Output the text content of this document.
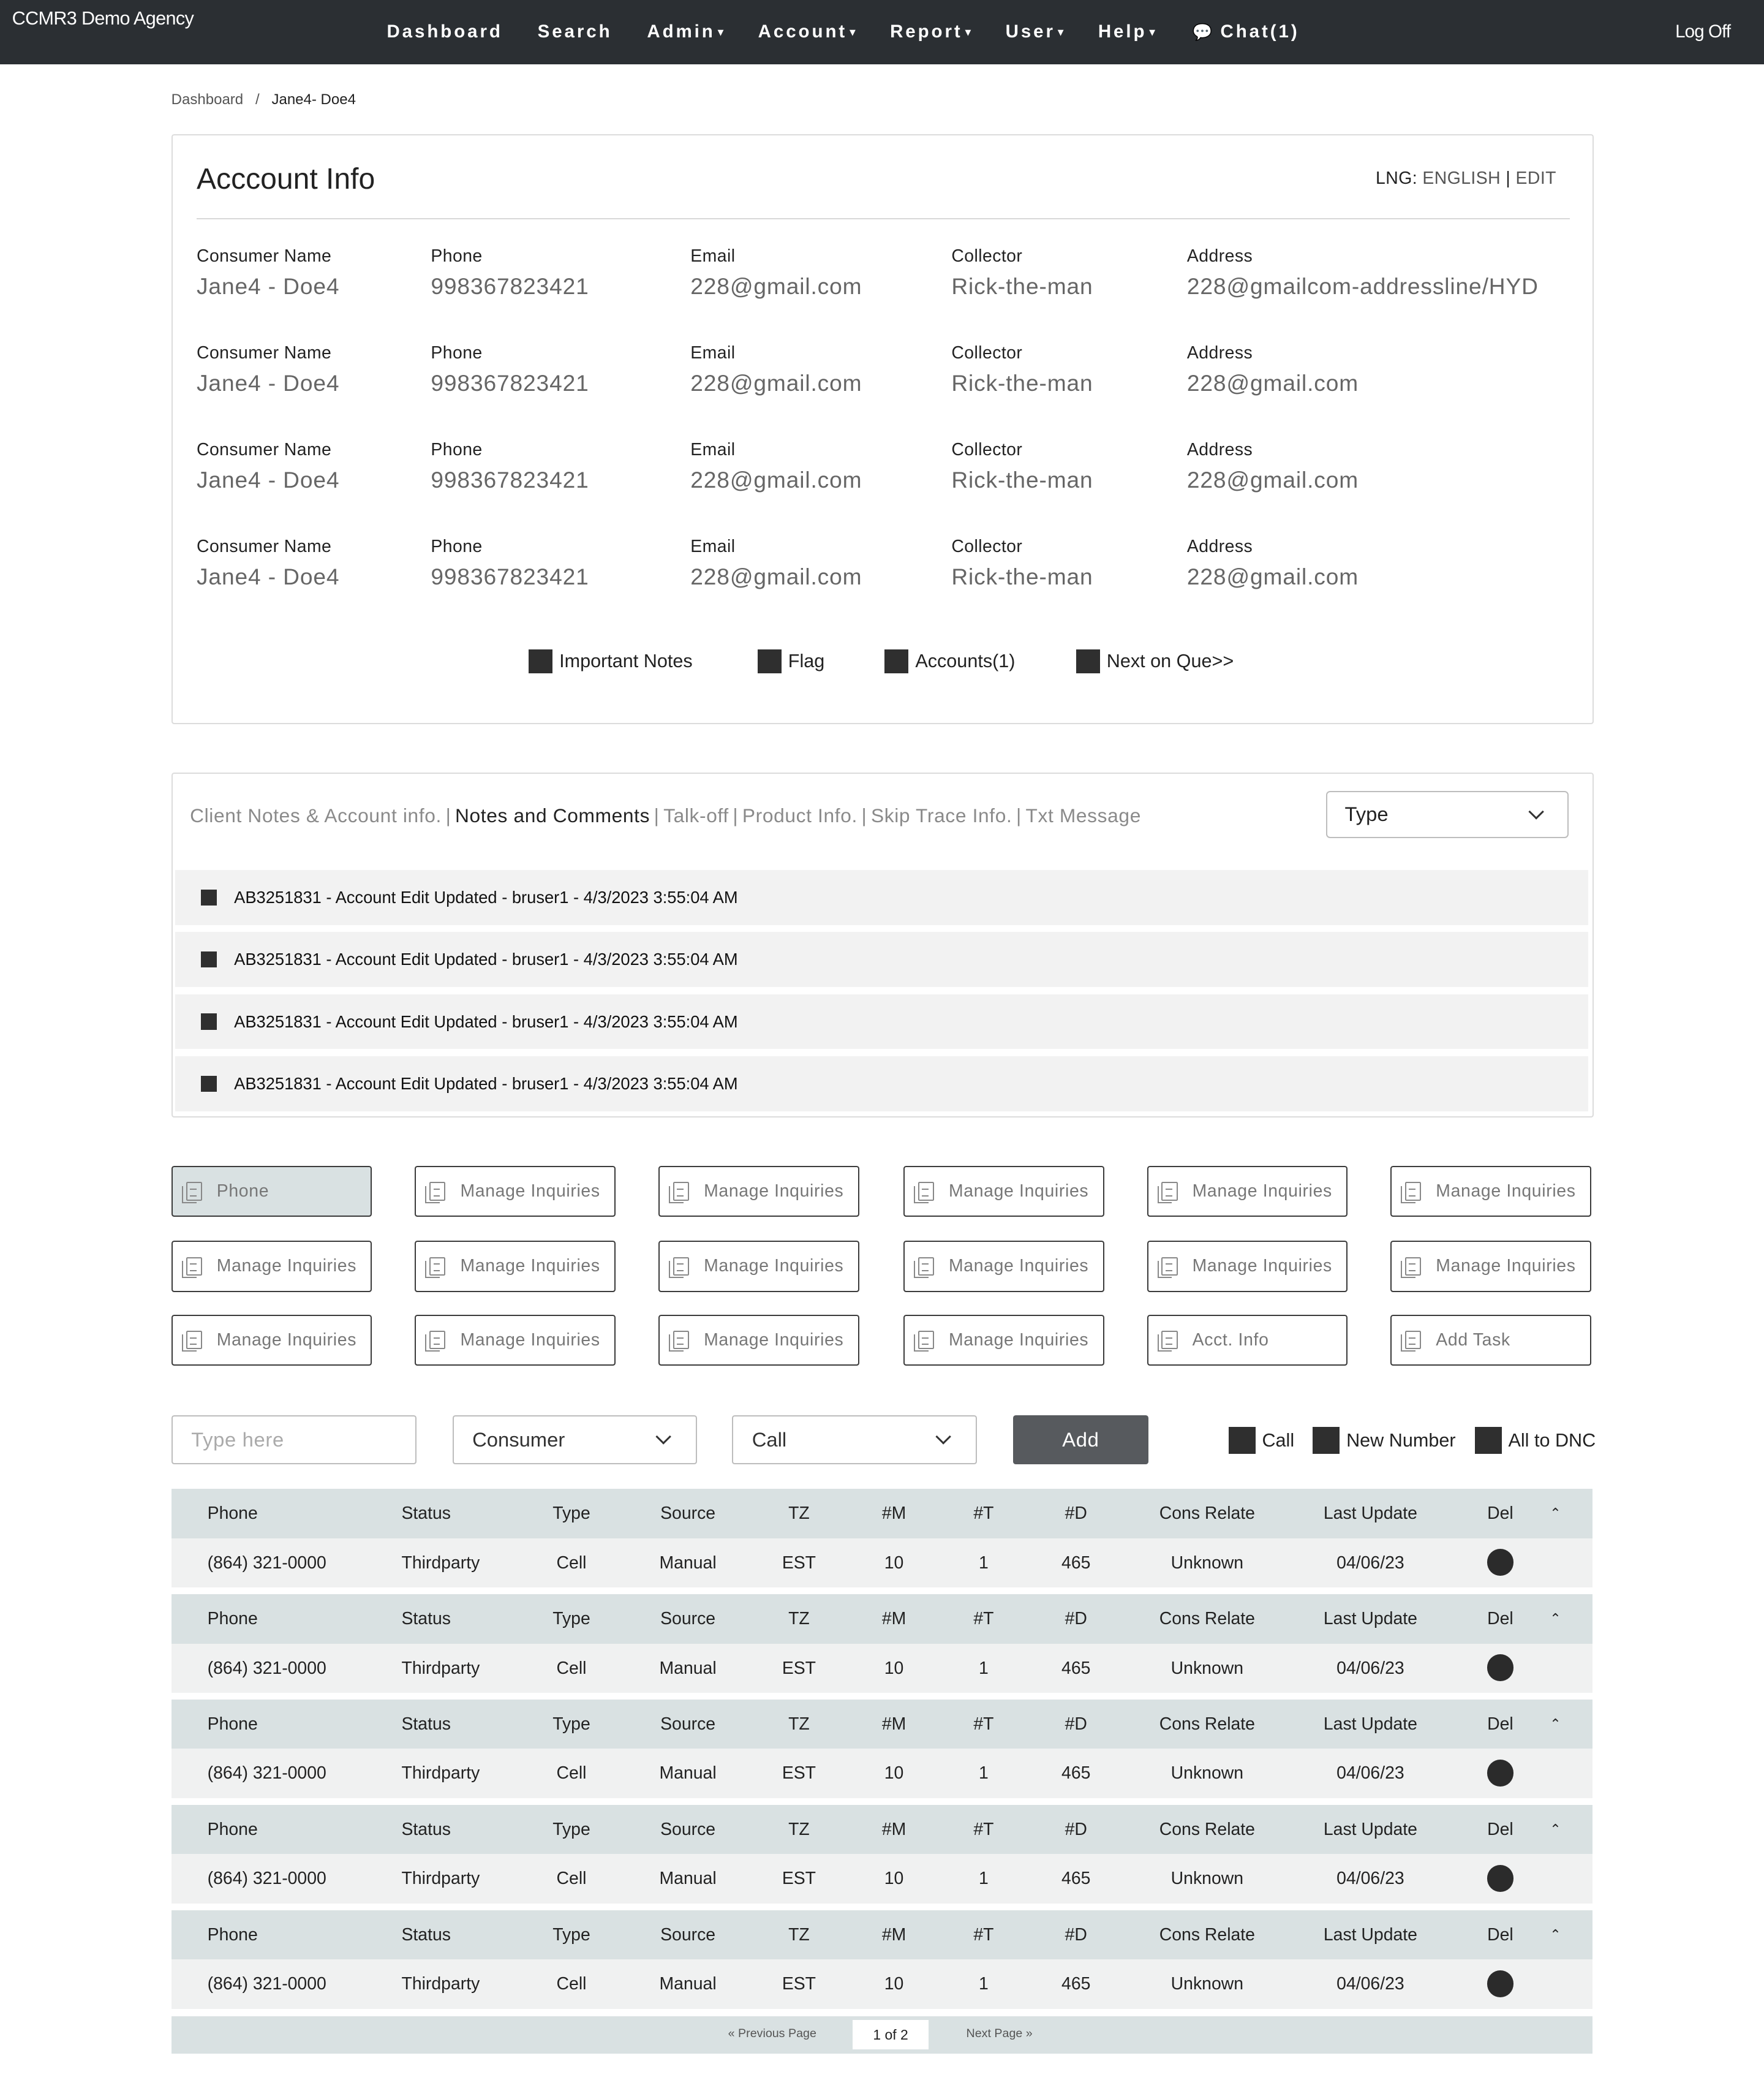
CCMR3 Demo Agency
Dashboard	Search	Admin ▾	Account ▾	Report ▾	User ▾	Help ▾	💬 Chat(1)	Log Off
Dashboard / Jane4- Doe4
Acccount Info	LNG: ENGLISH | EDIT
Consumer Name
Jane4 - Doe4
Phone
998367823421
Email
228@gmail.com
Collector
Rick-the-man
Address
228@gmailcom-addressline/HYD
Consumer Name
Jane4 - Doe4
Phone
998367823421
Email
228@gmail.com
Collector
Rick-the-man
Address
228@gmail.com
Consumer Name
Jane4 - Doe4
Phone
998367823421
Email
228@gmail.com
Collector
Rick-the-man
Address
228@gmail.com
Consumer Name
Jane4 - Doe4
Phone
998367823421
Email
228@gmail.com
Collector
Rick-the-man
Address
228@gmail.com
Important Notes	Flag	Accounts(1)	Next on Que>>
Client Notes & Account info. | Notes and Comments | Talk-off | Product Info. | Skip Trace Info. | Txt Message	Type
AB3251831 - Account Edit Updated - bruser1 - 4/3/2023 3:55:04 AM
AB3251831 - Account Edit Updated - bruser1 - 4/3/2023 3:55:04 AM
AB3251831 - Account Edit Updated - bruser1 - 4/3/2023 3:55:04 AM
AB3251831 - Account Edit Updated - bruser1 - 4/3/2023 3:55:04 AM
Phone	Manage Inquiries	Manage Inquiries	Manage Inquiries	Manage Inquiries	Manage Inquiries
Manage Inquiries	Manage Inquiries	Manage Inquiries	Manage Inquiries	Manage Inquiries	Manage Inquiries
Manage Inquiries	Manage Inquiries	Manage Inquiries	Manage Inquiries	Acct. Info	Add Task
Type here	Consumer	Call	Add	Call	New Number	All to DNC
« Previous Page	1 of 2	Next Page »
Phone	Status	Type	Source	TZ	#M	#T	#D	Cons Relate	Last Update	Del	⌃
(864) 321-0000	Thirdparty	Cell	Manual	EST	10	1	465	Unknown	04/06/23
Phone	Status	Type	Source	TZ	#M	#T	#D	Cons Relate	Last Update	Del	⌃
(864) 321-0000	Thirdparty	Cell	Manual	EST	10	1	465	Unknown	04/06/23
Phone	Status	Type	Source	TZ	#M	#T	#D	Cons Relate	Last Update	Del	⌃
(864) 321-0000	Thirdparty	Cell	Manual	EST	10	1	465	Unknown	04/06/23
Phone	Status	Type	Source	TZ	#M	#T	#D	Cons Relate	Last Update	Del	⌃
(864) 321-0000	Thirdparty	Cell	Manual	EST	10	1	465	Unknown	04/06/23
Phone	Status	Type	Source	TZ	#M	#T	#D	Cons Relate	Last Update	Del	⌃
(864) 321-0000	Thirdparty	Cell	Manual	EST	10	1	465	Unknown	04/06/23
